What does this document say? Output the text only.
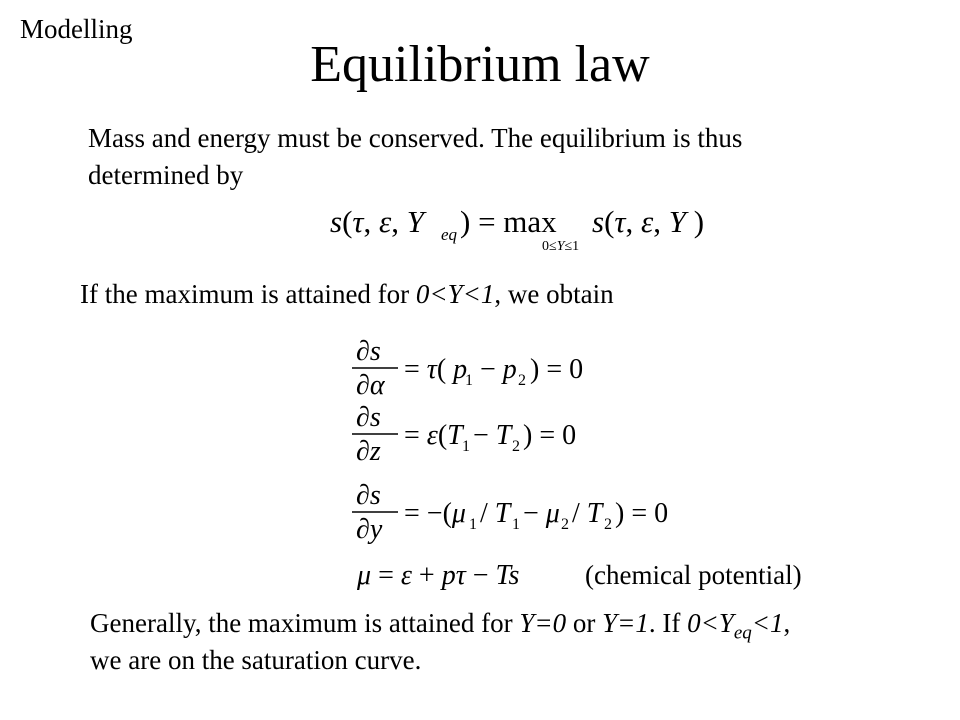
Modelling
Equilibrium law
Mass and energy must be conserved. The equilibrium is thus
determined by
s(τ, ε, Y eq ) = max
0≤Y≤1
s(τ, ε, Y )
If the maximum is attained for 0<Y<1, we obtain
∂s
∂α
= τ( p
1 − p 2 ) = 0
∂s
∂z
= ε(T 1 − T 2 ) = 0
∂s
∂y
= −(μ 1 / T 1 − μ 2 / T 2 ) = 0
μ = ε + pτ − Ts (chemical potential)
Generally, the maximum is attained for Y=0 or Y=1. If $0<Y_{eq}<1$,
we are on the saturation curve.
